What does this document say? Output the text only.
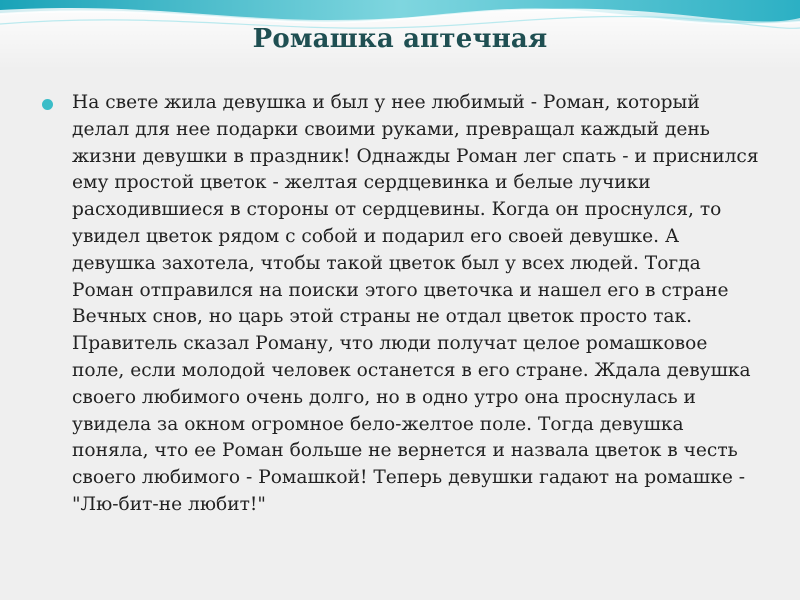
Ромашка аптечная

На свете жила девушка и был у нее любимый - Роман, который делал для нее подарки своими руками, превращал каждый день жизни девушки в праздник! Однажды Роман лег спать - и приснился ему простой цветок - желтая сердцевинка и белые лучики расходившиеся в стороны от сердцевины. Когда он проснулся, то увидел цветок рядом с собой и подарил его своей девушке. А девушка захотела, чтобы такой цветок был у всех людей. Тогда Роман отправился на поиски этого цветочка и нашел его в стране Вечных снов, но царь этой страны не отдал цветок просто так. Правитель сказал Роману, что люди получат целое ромашковое поле, если молодой человек останется в его стране. Ждала девушка своего любимого очень долго, но в одно утро она проснулась и увидела за окном огромное бело-желтое поле. Тогда девушка поняла, что ее Роман больше не вернется и назвала цветок в честь своего любимого - Ромашкой! Теперь девушки гадают на ромашке - "Лю-бит-не любит!"
